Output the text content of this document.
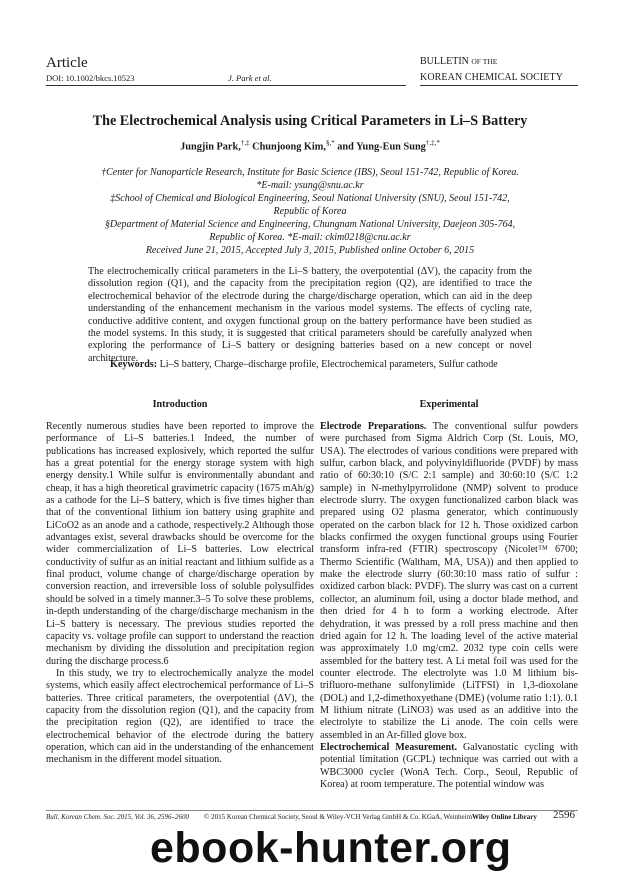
Article
DOI: 10.1002/bkcs.10523	J. Park et al.
BULLETIN OF THE
KOREAN CHEMICAL SOCIETY
The Electrochemical Analysis using Critical Parameters in Li–S Battery
Jungjin Park,†,‡ Chunjoong Kim,§,* and Yung-Eun Sung†,‡,*
†Center for Nanoparticle Research, Institute for Basic Science (IBS), Seoul 151-742, Republic of Korea.
*E-mail: ysung@snu.ac.kr
‡School of Chemical and Biological Engineering, Seoul National University (SNU), Seoul 151-742,
Republic of Korea
§Department of Material Science and Engineering, Chungnam National University, Daejeon 305-764,
Republic of Korea. *E-mail: ckim0218@cnu.ac.kr
Received June 21, 2015, Accepted July 3, 2015, Published online October 6, 2015
The electrochemically critical parameters in the Li–S battery, the overpotential (ΔV), the capacity from the dissolution region (Q1), and the capacity from the precipitation region (Q2), are identified to trace the electrochemical behavior of the electrode during the charge/discharge operation, which can aid in the deep understanding of the enhancement mechanism in the various model systems. The effects of cycling rate, conductive additive content, and oxygen functional group on the battery performance have been studied as the model systems. In this study, it is suggested that critical parameters should be carefully analyzed when exploring the performance of Li–S battery or designing batteries based on a new concept or novel architecture.
Keywords: Li–S battery, Charge–discharge profile, Electrochemical parameters, Sulfur cathode
Introduction	Experimental

Recently numerous studies have been reported to improve the performance of Li–S batteries.1 Indeed, the number of publications has increased explosively, which reported the sulfur has a great potential for the energy storage system with high energy density.1 While sulfur is environmentally abundant and cheap, it has a high theoretical gravimetric capacity (1675 mAh/g) as a cathode for the Li–S battery, which is five times higher than that of the conventional lithium ion battery using graphite and LiCoO2 as an anode and a cathode, respectively.2 Although those advantages exist, several drawbacks should be overcome for the wider commercialization of Li–S batteries. Low electrical conductivity of sulfur as an initial reactant and lithium sulfide as a final product, volume change of charge/discharge operation by conversion reaction, and irreversible loss of soluble polysulfides should be solved in a timely manner.3–5 To solve these problems, in-depth understanding of the charge/discharge mechanism in the Li–S battery is necessary. The previous studies reported the capacity vs. voltage profile can support to understand the reaction mechanism by dividing the dissolution and precipitation region during the discharge process.6

In this study, we try to electrochemically analyze the model systems, which easily affect electrochemical performance of Li–S batteries. Three critical parameters, the overpotential (ΔV), the capacity from the dissolution region (Q1), and the capacity from the precipitation region (Q2), are identified to trace the electrochemical behavior of the electrode during the battery operation, which can aid in the understanding of the enhancement mechanism in the different model situation.

Electrode Preparations. The conventional sulfur powders were purchased from Sigma Aldrich Corp (St. Louis, MO, USA). The electrodes of various conditions were prepared with sulfur, carbon black, and polyvinyldifluoride (PVDF) by mass ratio of 60:30:10 (S/C 2:1 sample) and 30:60:10 (S/C 1:2 sample) in N-methylpyrrolidone (NMP) solvent to produce electrode slurry. The oxygen functionalized carbon black was prepared using O2 plasma generator, which continuously operated on the carbon black for 12 h. Those oxidized carbon blacks confirmed the oxygen functional groups using Fourier transform infra-red (FTIR) spectroscopy (Nicolet™ 6700; Thermo Scientific (Waltham, MA, USA)) and then applied to make the electrode slurry (60:30:10 mass ratio of sulfur : oxidized carbon black: PVDF). The slurry was cast on a current collector, an aluminum foil, using a doctor blade method, and then dried for 4 h to form a working electrode. After dehydration, it was pressed by a roll press machine and then dried again for 12 h. The loading level of the active material was approximately 1.0 mg/cm2. 2032 type coin cells were assembled for the battery test. A Li metal foil was used for the counter electrode. The electrolyte was 1.0 M lithium bis-trifluoro-methane sulfonylimide (LiTFSI) in 1,3-dioxolane (DOL) and 1,2-dimethoxyethane (DME) (volume ratio 1:1). 0.1 M lithium nitrate (LiNO3) was used as an additive into the electrolyte to stabilize the Li anode. The coin cells were assembled in an Ar-filled glove box.

Electrochemical Measurement. Galvanostatic cycling with potential limitation (GCPL) technique was carried out with a WBC3000 cycler (WonA Tech. Corp., Seoul, Republic of Korea) at room temperature. The potential window was

Bull. Korean Chem. Soc. 2015, Vol. 36, 2596–2600 © 2015 Korean Chemical Society, Seoul & Wiley-VCH Verlag GmbH & Co. KGaA, Weinheim Wiley Online Library 2596
ebook-hunter.org
